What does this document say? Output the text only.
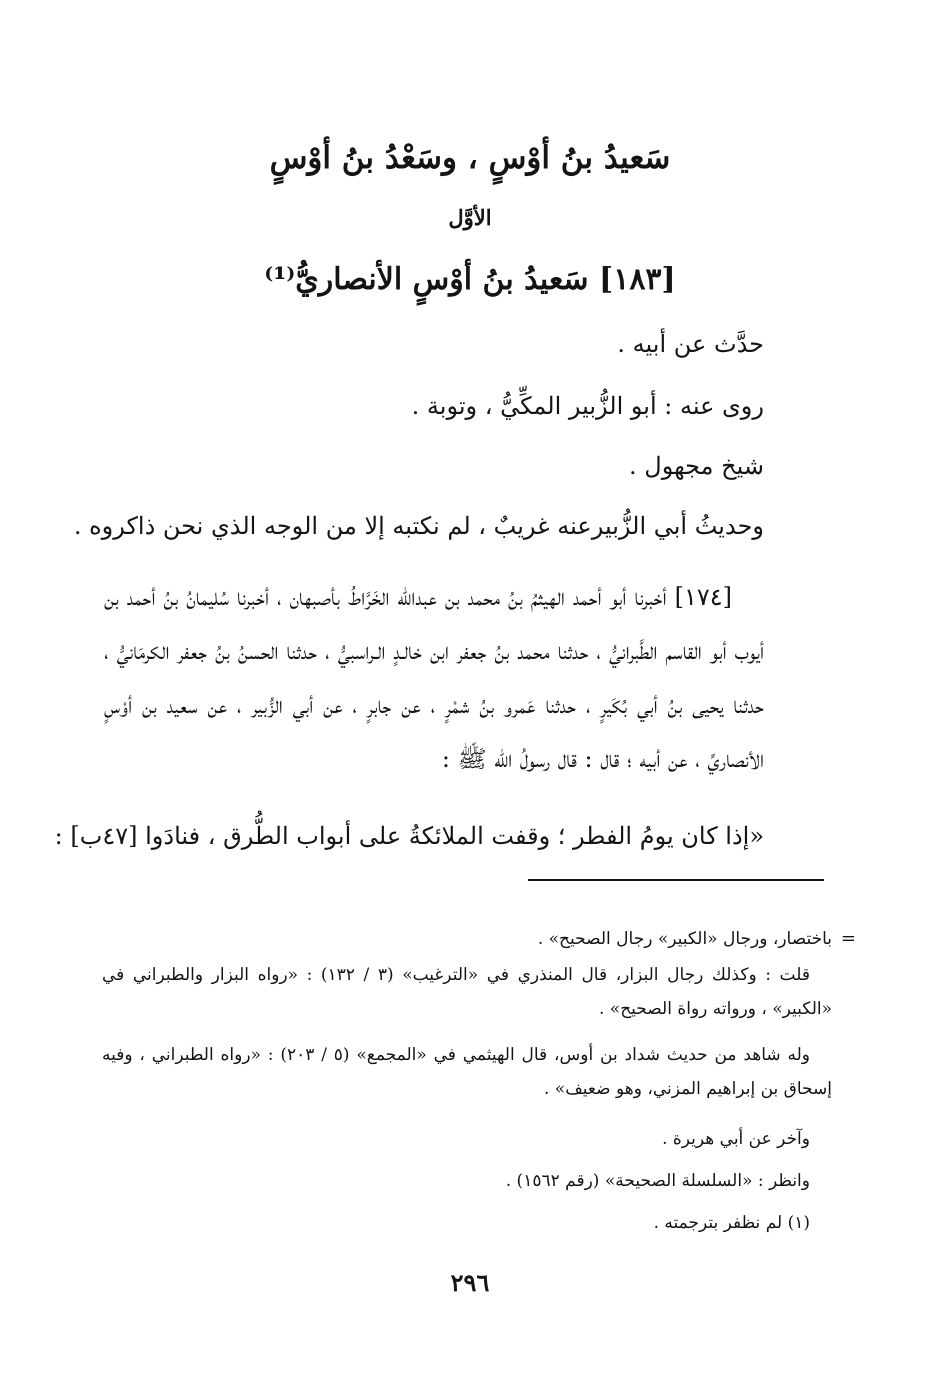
سَعيدُ بنُ أوْسٍ ، وسَعْدُ بنُ أوْسٍ
الأوَّل
[١٨٣] سَعيدُ بنُ أوْسٍ الأنصاريُّ⁽¹⁾
حدَّث عن أبيه .
روى عنه : أبو الزُّبير المكِّيُّ ، وتوبة .
شيخ مجهول .
وحديثُ أبي الزُّبيرعنه غريبٌ ، لم نكتبه إلا من الوجه الذي نحن ذاكروه .
[١٧٤] أخبرنا أبو أحمد الهيثمُ بنُ محمد بن عبدالله الخَرَّاطُ بأصبهان ، أخبرنا سُليمانُ بنُ أحمد بن أيوب أبو القاسم الطَّبرانيُّ ، حدثنا محمد بنُ جعفر ابن خالـدٍ الـراسبيُّ ، حدثنا الحسنُ بنُ جعفر الكرمَانيُّ ، حدثنا يحيى بنُ أبي بُكَيرٍ ، حدثنا عَمرو بنُ شمْرٍ ، عن جابرٍ ، عن أبي الزُّبير ، عن سعيد بن أوْسٍ الأنصاريِّ ، عن أبيه ؛ قال : قال رسولُ الله ﷺ :
«إذا كان يومُ الفطر ؛ وقفت الملائكةُ على أبواب الطُّرق ، فنادَوا [٤٧ب] :
=
باختصار، ورجال «الكبير» رجال الصحيح» .
قلت : وكذلك رجال البزار، قال المنذري في «الترغيب» (٣ / ١٣٢) : «رواه البزار والطبراني في «الكبير» ، ورواته رواة الصحيح» .
وله شاهد من حديث شداد بن أوس، قال الهيثمي في «المجمع» (٥ / ٢٠٣) : «رواه الطبراني ، وفيه إسحاق بن إبراهيم المزني، وهو ضعيف» .
وآخر عن أبي هريرة .
وانظر : «السلسلة الصحيحة» (رقم ١٥٦٢) .
(١) لم نظفر بترجمته .
٢٩٦
